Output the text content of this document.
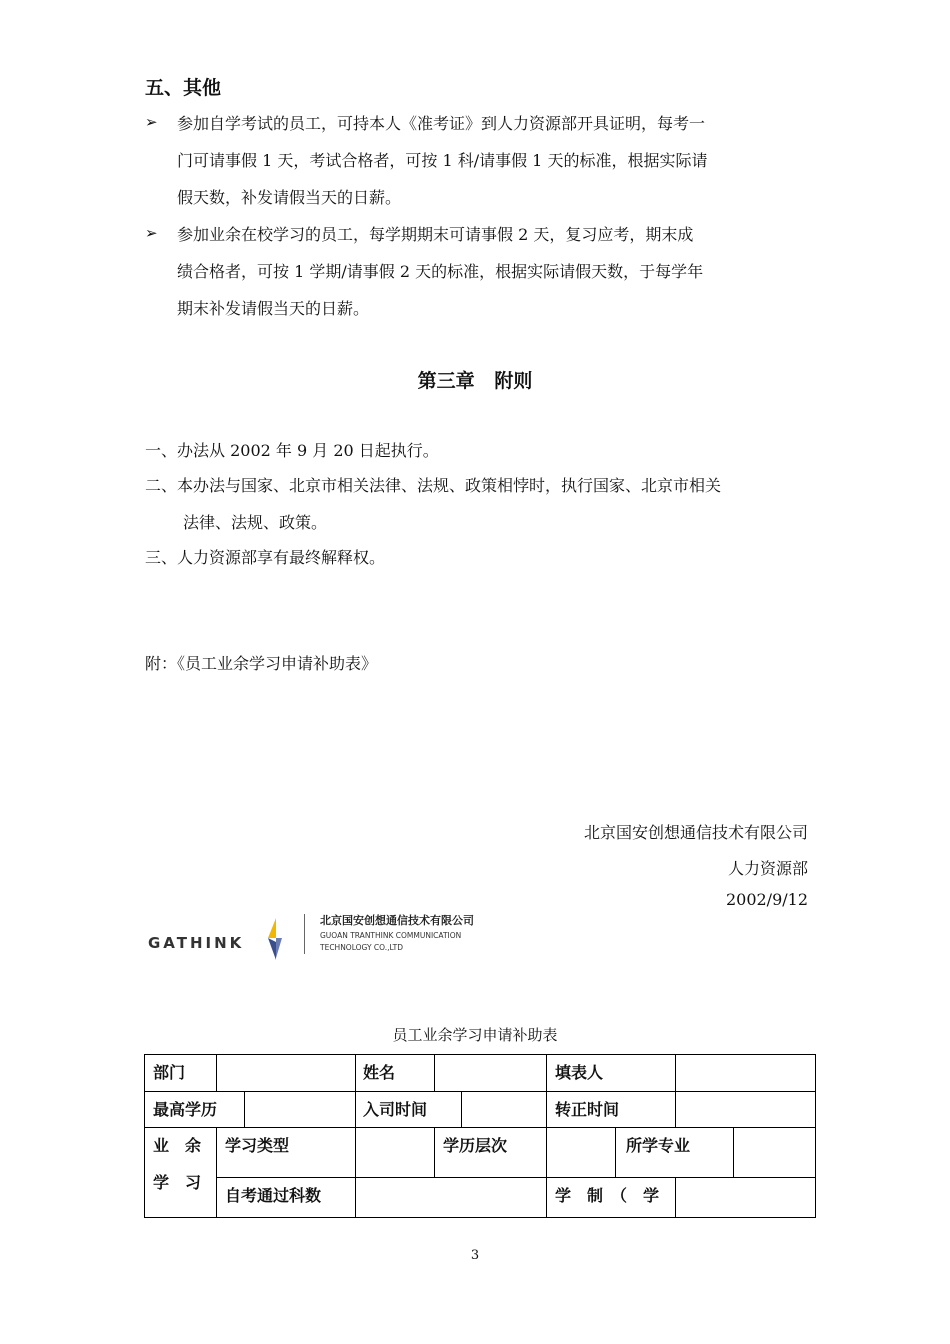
五、其他
➢ 参加自学考试的员工，可持本人《准考证》到人力资源部开具证明，每考一
门可请事假 1 天，考试合格者，可按 1 科/请事假 1 天的标准，根据实际请
假天数，补发请假当天的日薪。
➢ 参加业余在校学习的员工，每学期期末可请事假 2 天，复习应考，期末成
绩合格者，可按 1 学期/请事假 2 天的标准，根据实际请假天数，于每学年
期末补发请假当天的日薪。
第三章   附则
一、办法从 2002 年 9 月 20 日起执行。
二、本办法与国家、北京市相关法律、法规、政策相悖时，执行国家、北京市相关
法律、法规、政策。
三、人力资源部享有最终解释权。
附：《员工业余学习申请补助表》
北京国安创想通信技术有限公司
人力资源部
2002/9/12
GATHINK
北京国安创想通信技术有限公司
GUOAN TRANTHINK COMMUNICATION
TECHNOLOGY CO.,LTD
员工业余学习申请补助表
部门	姓名	填表人
最高学历	入司时间	转正时间
业　余
学　习
学习类型	学历层次	所学专业
自考通过科数	学　制　（　学
3
